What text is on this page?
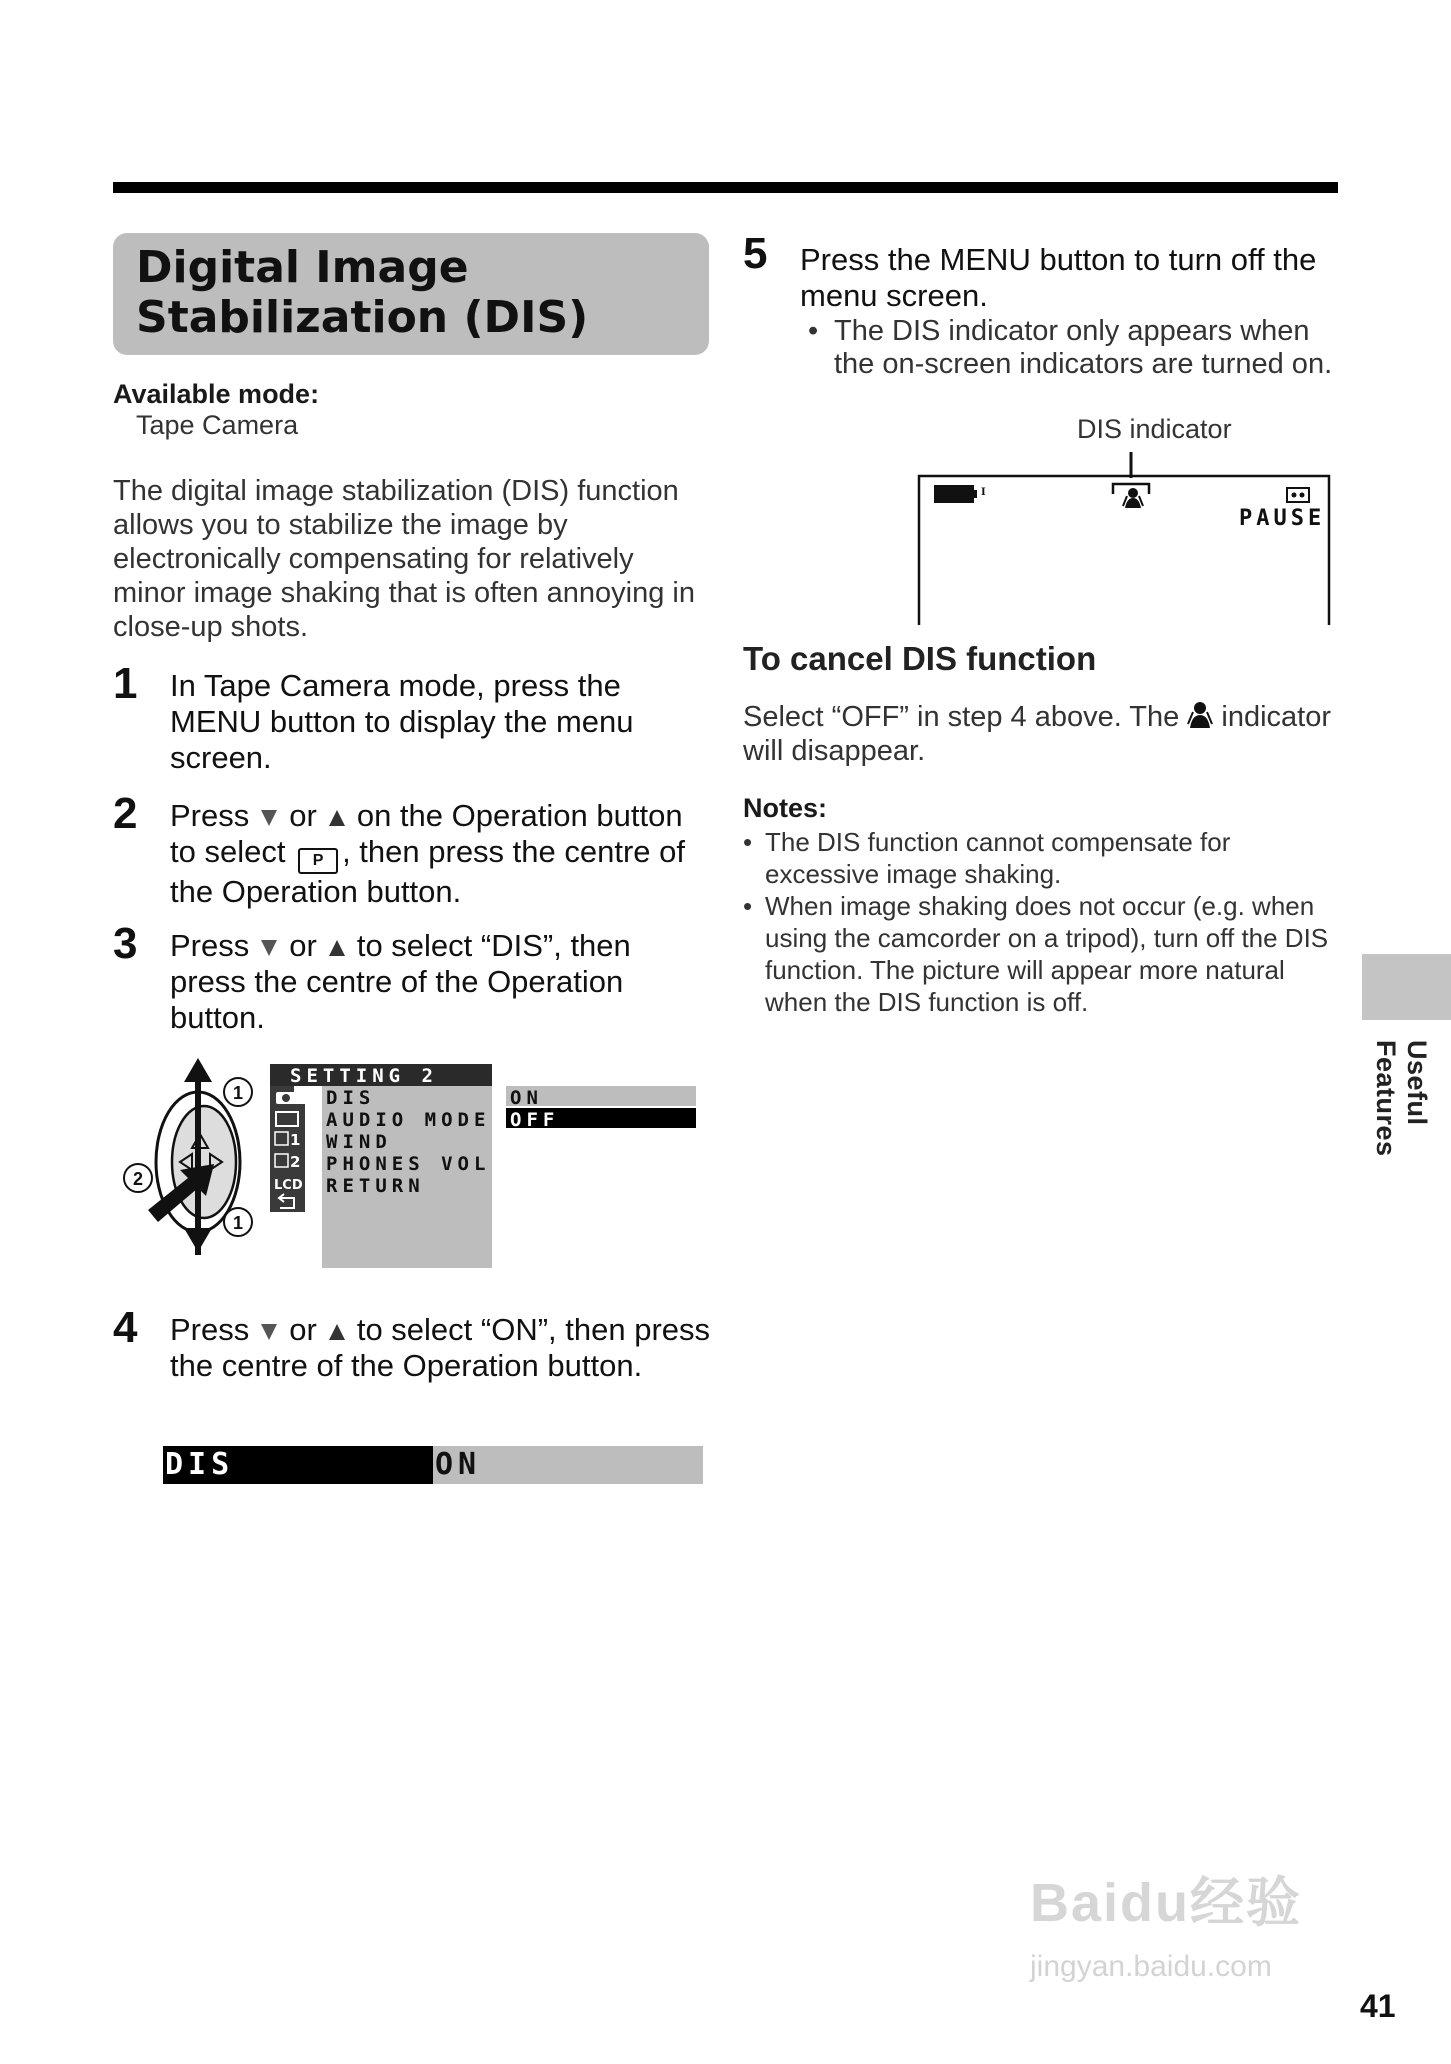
Digital Image
Stabilization (DIS)
Available mode:
Tape Camera
The digital image stabilization (DIS) function allows you to stabilize the image by electronically compensating for relatively minor image shaking that is often annoying in close-up shots.
1 In Tape Camera mode, press the MENU button to display the menu screen.
2 Press or on the Operation button to select P , then press the centre of the Operation button.
3 Press or to select “DIS”, then press the centre of the Operation button.
1
2
1
SETTING 2
DIS
AUDIO MODE
WIND
PHONES VOL
RETURN
ON
OFF
1
2
LCD
4 Press or to select “ON”, then press the centre of the Operation button.
DIS	ON
5 Press the MENU button to turn off the menu screen.
• The DIS indicator only appears when the on-screen indicators are turned on.
DIS indicator
I
PAUSE
To cancel DIS function
Select “OFF” in step 4 above. The indicator will disappear.
Notes:
• The DIS function cannot compensate for excessive image shaking.
• When image shaking does not occur (e.g. when using the camcorder on a tripod), turn off the DIS function. The picture will appear more natural when the DIS function is off.
Useful Features
Baidu经验
jingyan.baidu.com
41
